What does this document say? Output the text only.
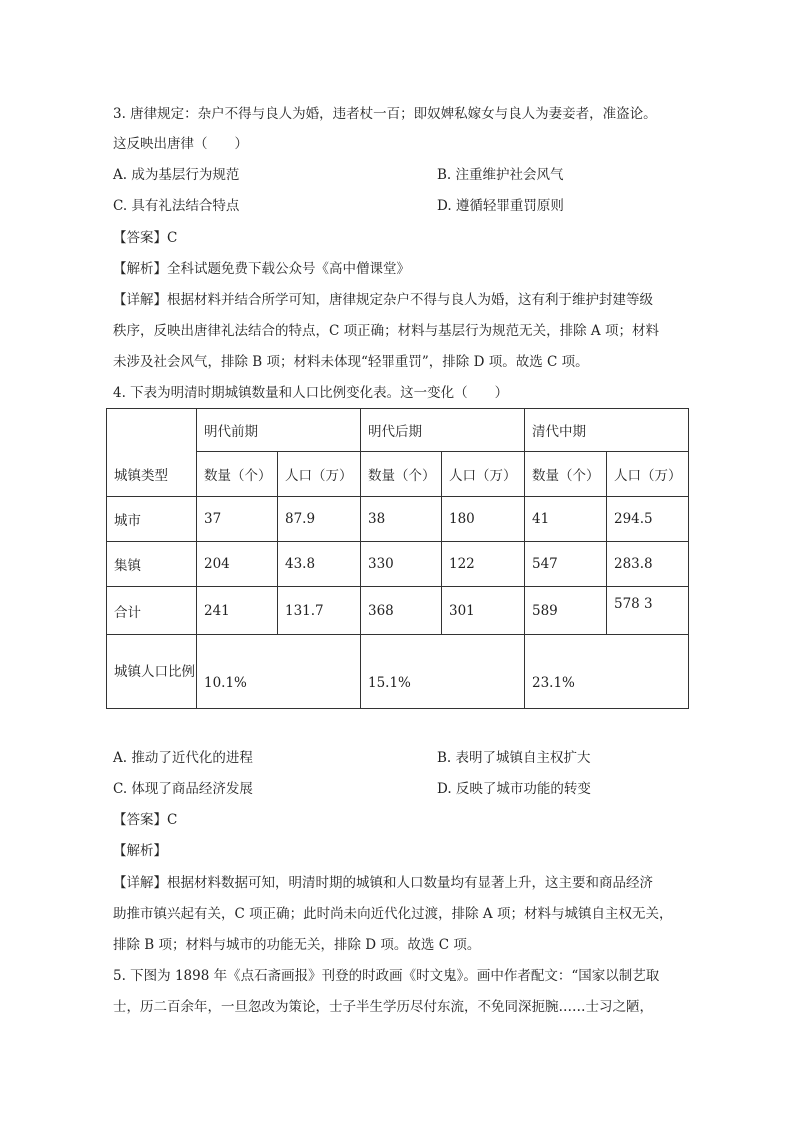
3. 唐律规定：杂户不得与良人为婚，违者杖一百；即奴婢私嫁女与良人为妻妾者，准盗论。
这反映出唐律（　　）
A. 成为基层行为规范	B. 注重维护社会风气
C. 具有礼法结合特点	D. 遵循轻罪重罚原则
【答案】C
【解析】全科试题免费下载公众号《高中僧课堂》
【详解】根据材料并结合所学可知，唐律规定杂户不得与良人为婚，这有利于维护封建等级
秩序，反映出唐律礼法结合的特点，C 项正确；材料与基层行为规范无关，排除 A 项；材料
未涉及社会风气，排除 B 项；材料未体现“轻罪重罚”，排除 D 项。故选 C 项。
4. 下表为明清时期城镇数量和人口比例变化表。这一变化（　　）
城镇类型	明代前期		明代后期		清代中期	
	数量（个）	人口（万）	数量（个）	人口（万）	数量（个）	人口（万）
城市	37	87.9	38	180	41	294.5
集镇	204	43.8	330	122	547	283.8
合计	241	131.7	368	301	589	578 3

城镇人口比例	10.1%		15.1%		23.1%	
A. 推动了近代化的进程	B. 表明了城镇自主权扩大
C. 体现了商品经济发展	D. 反映了城市功能的转变
【答案】C
【解析】
【详解】根据材料数据可知，明清时期的城镇和人口数量均有显著上升，这主要和商品经济
助推市镇兴起有关，C 项正确；此时尚未向近代化过渡，排除 A 项；材料与城镇自主权无关，
排除 B 项；材料与城市的功能无关，排除 D 项。故选 C 项。
5. 下图为 1898 年《点石斋画报》刊登的时政画《时文鬼》。画中作者配文：“国家以制艺取
士，历二百余年，一旦忽改为策论，士子半生学历尽付东流，不免同深扼腕……士习之陋，
